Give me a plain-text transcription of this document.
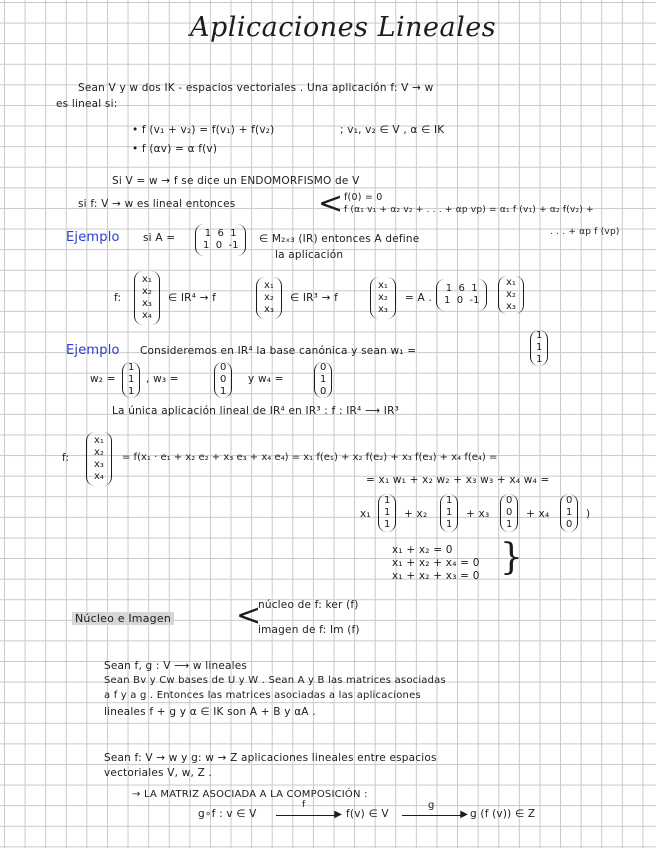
Aplicaciones Lineales
Sean V y w dos IK - espacios vectoriales . Una aplicación f: V → w
es lineal si:
• f (v₁ + v₂) = f(v₁) + f(v₂)	; v₁, v₂ ∈ V , α ∈ IK
• f (αv) = α f(v)
Si V = w → f se dice un ENDOMORFISMO de V
si f: V → w es lineal entonces	< f(0) = 0
f (α₁ v₁ + α₂ v₂ + . . . + αp vp) = α₁ f (v₁) + α₂ f(v₂) +
. . . + αp f (vp)
Ejemplo si A =	1 6 1
1 0 -1
∈ M₂ₓ₃ (IR) entonces A define
la aplicación
f:
x₁
x₂
x₃
x₄
∈ IR⁴ → f
x₁
x₂
x₃
∈ IR³ → f
x₁
x₂
x₃
= A .
1 6 1
1 0 -1
x₁
x₂
x₃
Ejemplo Consideremos en IR⁴ la base canónica y sean w₁ =
1
1
1
w₂ =
1
1
1
, w₃ =
0
0
1
y w₄ =
0
1
0
La única aplicación lineal de IR⁴ en IR³ : f : IR⁴ ⟶ IR³
f:
x₁
x₂
x₃
x₄
= f(x₁ · e₁ + x₂ e₂ + x₃ e₃ + x₄ e₄) = x₁ f(e₁) + x₂ f(e₂) + x₃ f(e₃) + x₄ f(e₄) =
= x₁ w₁ + x₂ w₂ + x₃ w₃ + x₄ w₄ =
x₁
1
1
1
+ x₂
1
1
1
+ x₃
0
0
1
+ x₄
0
1
0
)
x₁ + x₂ = 0
x₁ + x₂ + x₄ = 0
x₁ + x₂ + x₃ = 0 }
Núcleo e Imagen <
núcleo de f: ker (f)
imagen de f: Im (f)
Sean f, g : V ⟶ w lineales
Sean Bv y Cw bases de U y W . Sean A y B las matrices asociadas
a f y a g . Entonces las matrices asociadas a las aplicaciones
lineales f + g y α ∈ IK son A + B y αA .
Sean f: V → w y g: w → Z aplicaciones lineales entre espacios
vectoriales V, w, Z .
→ LA MATRIZ ASOCIADA A LA COMPOSICIÓN :
g∘f : v ∈ V	▶
f
f(v) ∈ V	▶
g
g (f (v)) ∈ Z
